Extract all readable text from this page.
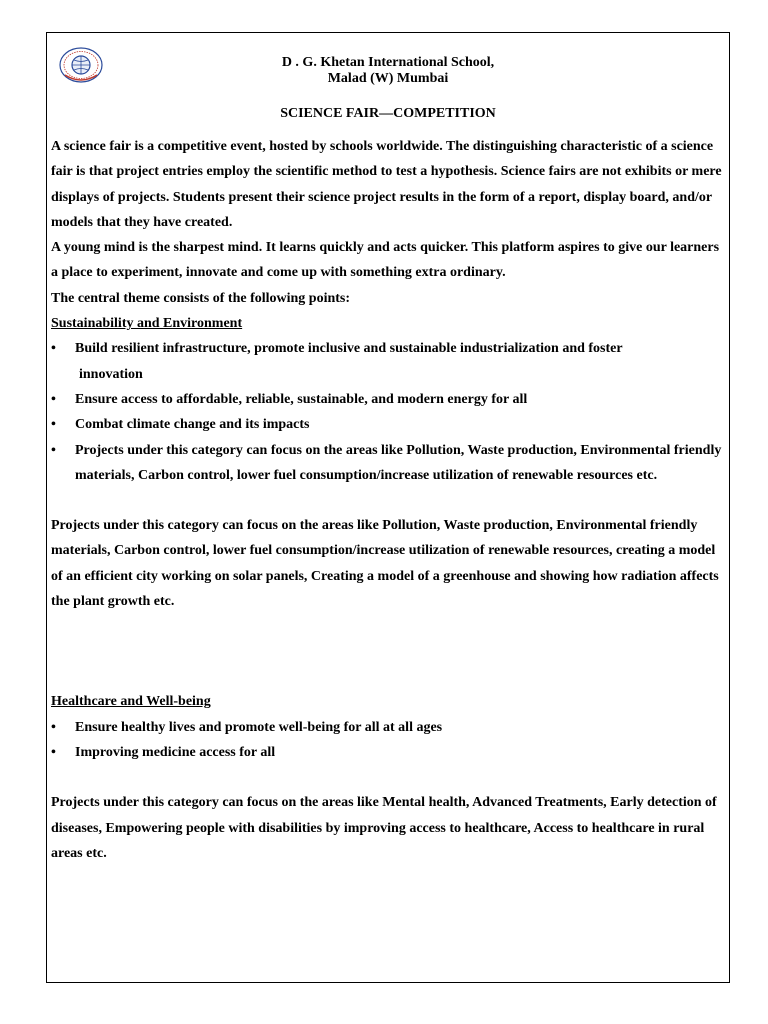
D . G. Khetan International School,
Malad (W) Mumbai
SCIENCE FAIR—COMPETITION

A science fair is a competitive event, hosted by schools worldwide. The distinguishing characteristic of a science fair is that project entries employ the scientific method to test a hypothesis. Science fairs are not exhibits or mere displays of projects. Students present their science project results in the form of a report, display board, and/or models that they have created.

A young mind is the sharpest mind. It learns quickly and acts quicker. This platform aspires to give our learners a place to experiment, innovate and come up with something extra ordinary.

The central theme consists of the following points:

Sustainability and Environment

• Build resilient infrastructure, promote inclusive and sustainable industrialization and foster
innovation
• Ensure access to affordable, reliable, sustainable, and modern energy for all
• Combat climate change and its impacts
• Projects under this category can focus on the areas like Pollution, Waste production, Environmental friendly materials, Carbon control, lower fuel consumption/increase utilization of renewable resources etc.

Projects under this category can focus on the areas like Pollution, Waste production, Environmental friendly materials, Carbon control, lower fuel consumption/increase utilization of renewable resources, creating a model of an efficient city working on solar panels, Creating a model of a greenhouse and showing how radiation affects the plant growth etc.

Healthcare and Well-being

• Ensure healthy lives and promote well-being for all at all ages
• Improving medicine access for all

Projects under this category can focus on the areas like Mental health, Advanced Treatments, Early detection of diseases, Empowering people with disabilities by improving access to healthcare, Access to healthcare in rural areas etc.
